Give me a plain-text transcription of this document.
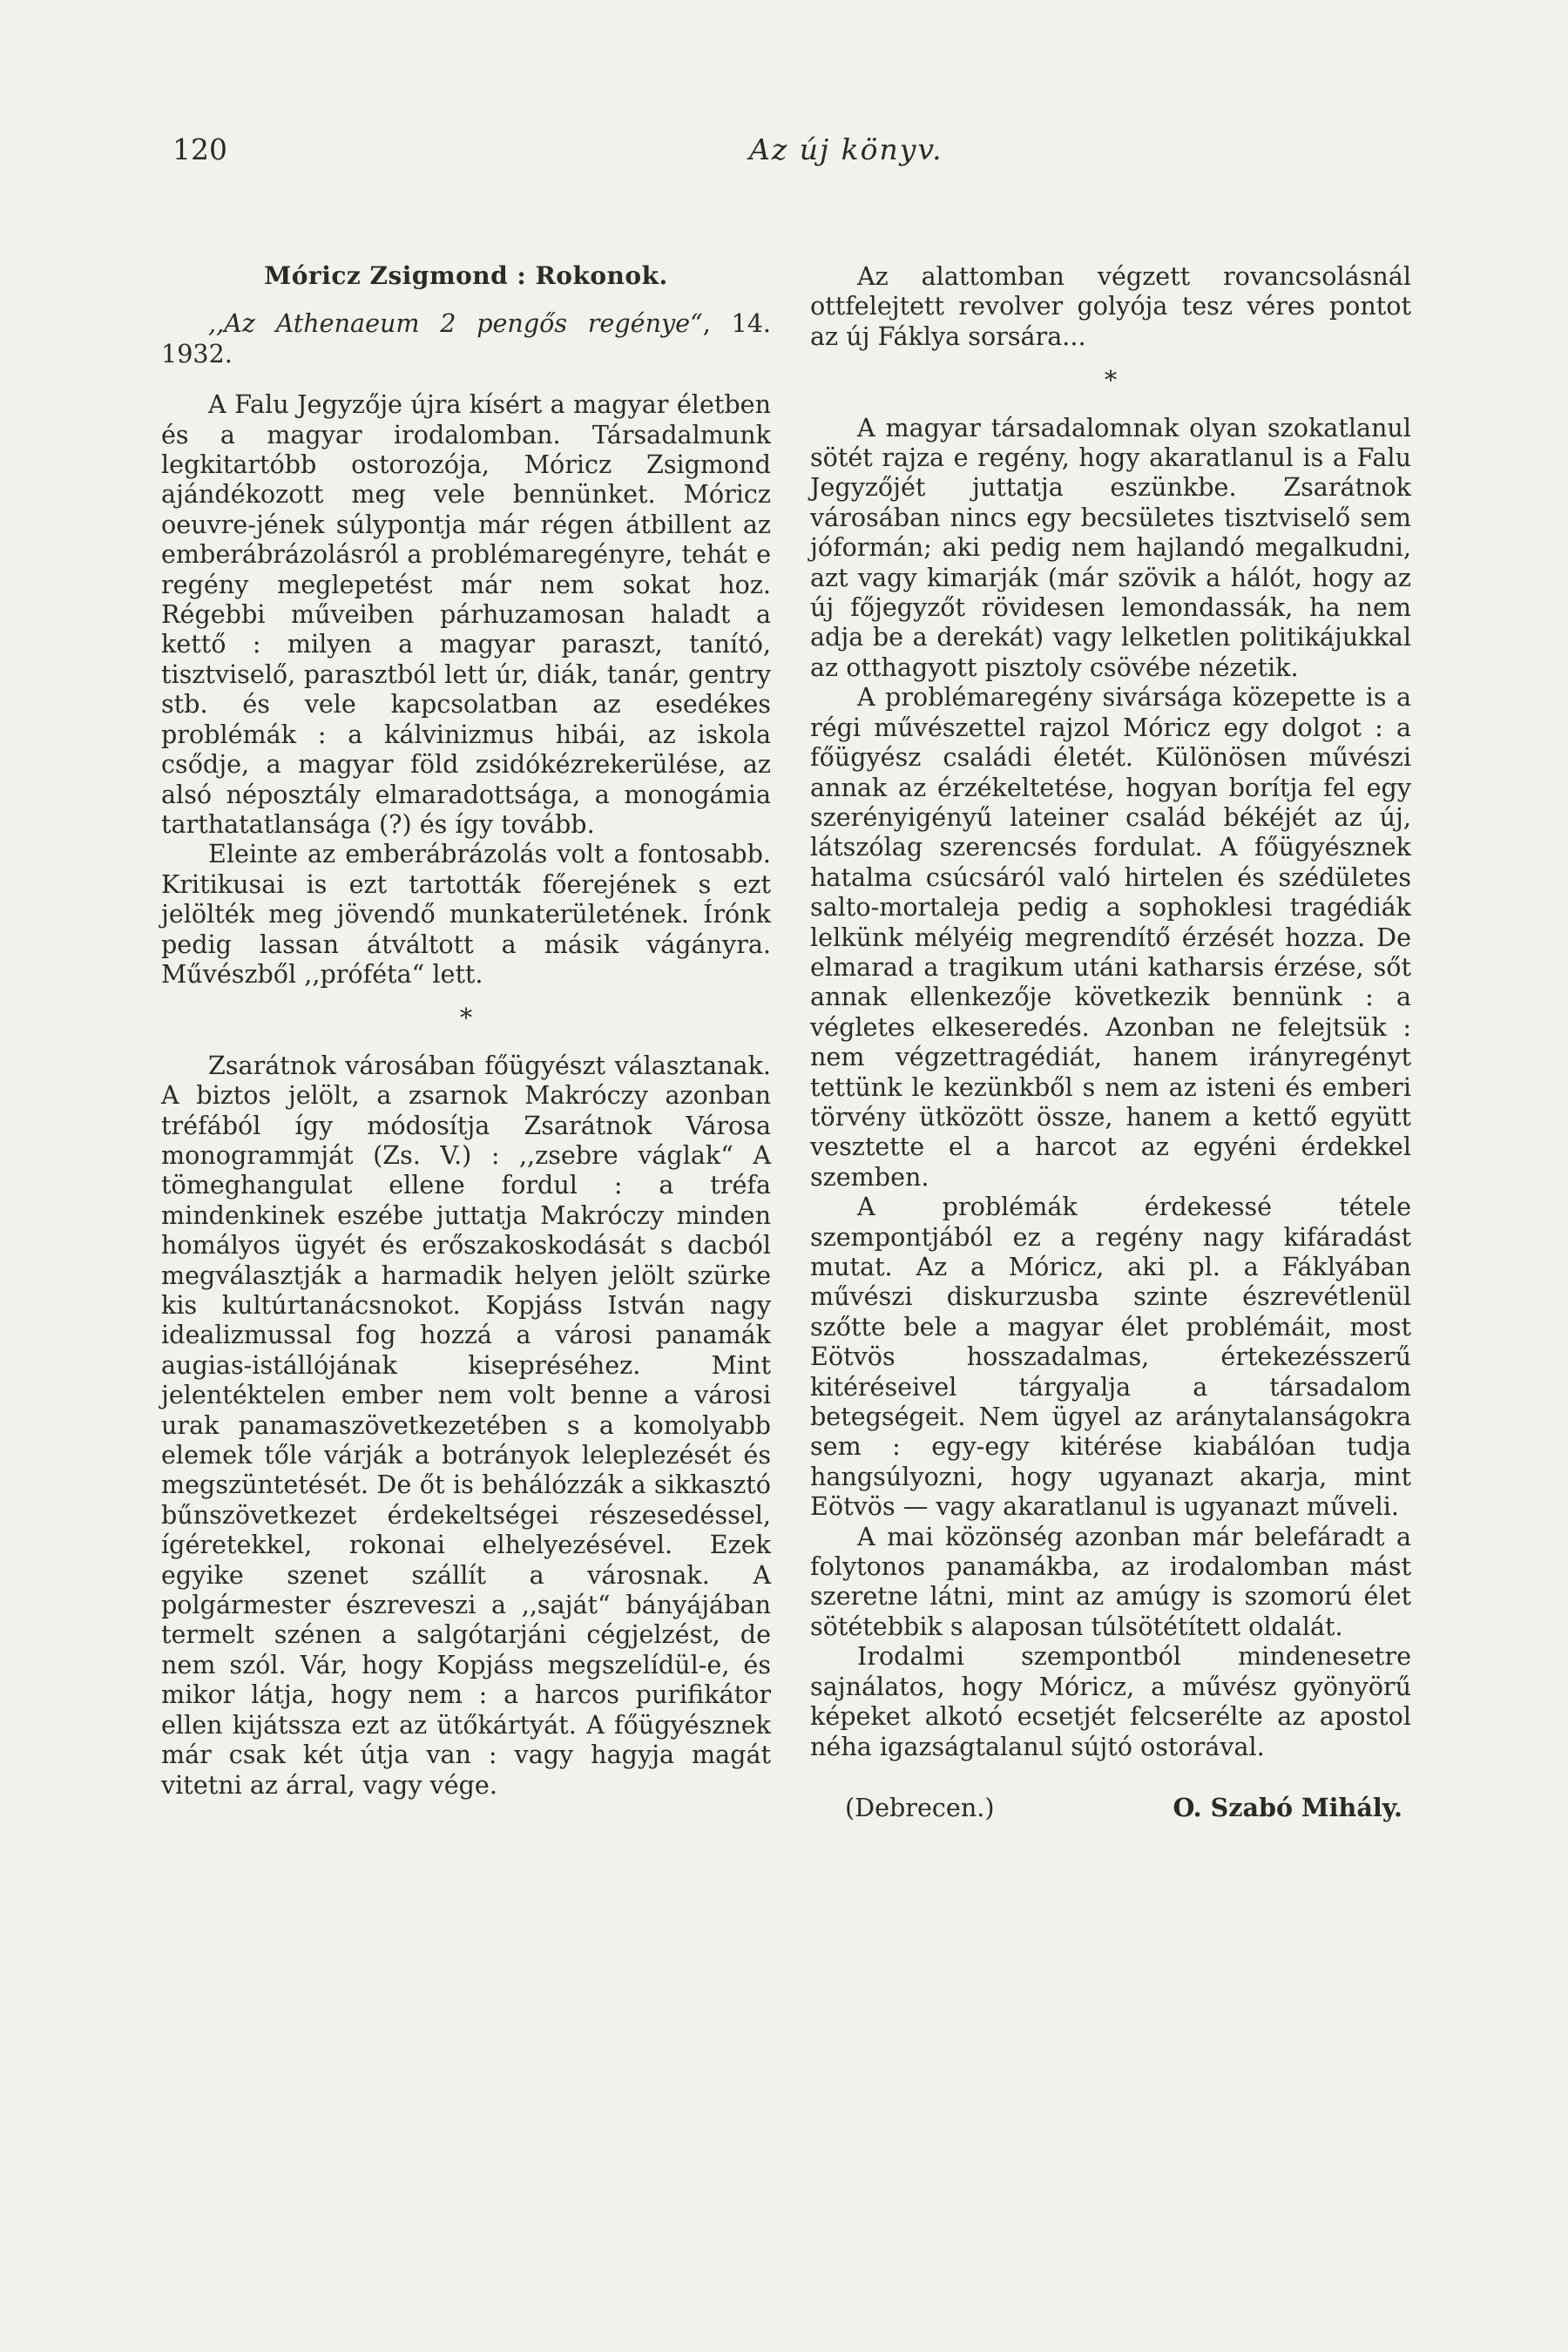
120	Az új könyv.

Móricz Zsigmond : Rokonok.

,,Az Athenaeum 2 pengős regénye“, 14. 1932.

A Falu Jegyzője újra kísért a magyar életben és a magyar irodalomban. Társadalmunk legkitartóbb ostorozója, Móricz Zsigmond ajándékozott meg vele bennünket. Móricz oeuvre-jének súlypontja már régen átbillent az emberábrázolásról a problémaregényre, tehát e regény meglepetést már nem sokat hoz. Régebbi műveiben párhuzamosan haladt a kettő : milyen a magyar paraszt, tanító, tisztviselő, parasztból lett úr, diák, tanár, gentry stb. és vele kapcsolatban az esedékes problémák : a kálvinizmus hibái, az iskola csődje, a magyar föld zsidókézrekerülése, az alsó néposztály elmaradottsága, a monogámia tarthatatlansága (?) és így tovább.

Eleinte az emberábrázolás volt a fontosabb. Kritikusai is ezt tartották főerejének s ezt jelölték meg jövendő munkaterületének. Írónk pedig lassan átváltott a másik vágányra. Művészből ,,próféta“ lett.

*

Zsarátnok városában főügyészt választanak. A biztos jelölt, a zsarnok Makróczy azonban tréfából így módosítja Zsarátnok Városa monogrammját (Zs. V.) : ,,zsebre váglak“ A tömeghangulat ellene fordul : a tréfa mindenkinek eszébe juttatja Makróczy minden homályos ügyét és erőszakoskodását s dacból megválasztják a harmadik helyen jelölt szürke kis kultúrtanácsnokot. Kopjáss István nagy idealizmussal fog hozzá a városi panamák augias-istállójának kisepréséhez. Mint jelentéktelen ember nem volt benne a városi urak panamaszövetkezetében s a komolyabb elemek tőle várják a botrányok leleplezését és megszüntetését. De őt is behálózzák a sikkasztó bűnszövetkezet érdekeltségei részesedéssel, ígéretekkel, rokonai elhelyezésével. Ezek egyike szenet szállít a városnak. A polgármester észreveszi a ,,saját“ bányájában termelt szénen a salgótarjáni cégjelzést, de nem szól. Vár, hogy Kopjáss megszelídül-e, és mikor látja, hogy nem : a harcos purifikátor ellen kijátssza ezt az ütőkártyát. A főügyésznek már csak két útja van : vagy hagyja magát vitetni az árral, vagy vége.

Az alattomban végzett rovancsolásnál ottfelejtett revolver golyója tesz véres pontot az új Fáklya sorsára...

*

A magyar társadalomnak olyan szokatlanul sötét rajza e regény, hogy akaratlanul is a Falu Jegyzőjét juttatja eszünkbe. Zsarátnok városában nincs egy becsületes tisztviselő sem jóformán; aki pedig nem hajlandó megalkudni, azt vagy kimarják (már szövik a hálót, hogy az új főjegyzőt rövidesen lemondassák, ha nem adja be a derekát) vagy lelketlen politikájukkal az otthagyott pisztoly csövébe nézetik.

A problémaregény sivársága közepette is a régi művészettel rajzol Móricz egy dolgot : a főügyész családi életét. Különösen művészi annak az érzékeltetése, hogyan borítja fel egy szerényigényű lateiner család békéjét az új, látszólag szerencsés fordulat. A főügyésznek hatalma csúcsáról való hirtelen és szédületes salto-mortaleja pedig a sophoklesi tragédiák lelkünk mélyéig megrendítő érzését hozza. De elmarad a tragikum utáni katharsis érzése, sőt annak ellenkezője következik bennünk : a végletes elkeseredés. Azonban ne felejtsük : nem végzettragédiát, hanem irányregényt tettünk le kezünkből s nem az isteni és emberi törvény ütközött össze, hanem a kettő együtt vesztette el a harcot az egyéni érdekkel szemben.

A problémák érdekessé tétele szempontjából ez a regény nagy kifáradást mutat. Az a Móricz, aki pl. a Fáklyában művészi diskurzusba szinte észrevétlenül szőtte bele a magyar élet problémáit, most Eötvös hosszadalmas, értekezésszerű kitéréseivel tárgyalja a társadalom betegségeit. Nem ügyel az aránytalanságokra sem : egy-egy kitérése kiabálóan tudja hangsúlyozni, hogy ugyanazt akarja, mint Eötvös — vagy akaratlanul is ugyanazt műveli.

A mai közönség azonban már belefáradt a folytonos panamákba, az irodalomban mást szeretne látni, mint az amúgy is szomorú élet sötétebbik s alaposan túlsötétített oldalát.

Irodalmi szempontból mindenesetre sajnálatos, hogy Móricz, a művész gyönyörű képeket alkotó ecsetjét felcserélte az apostol néha igazságtalanul sújtó ostorával.

(Debrecen.)	O. Szabó Mihály.
